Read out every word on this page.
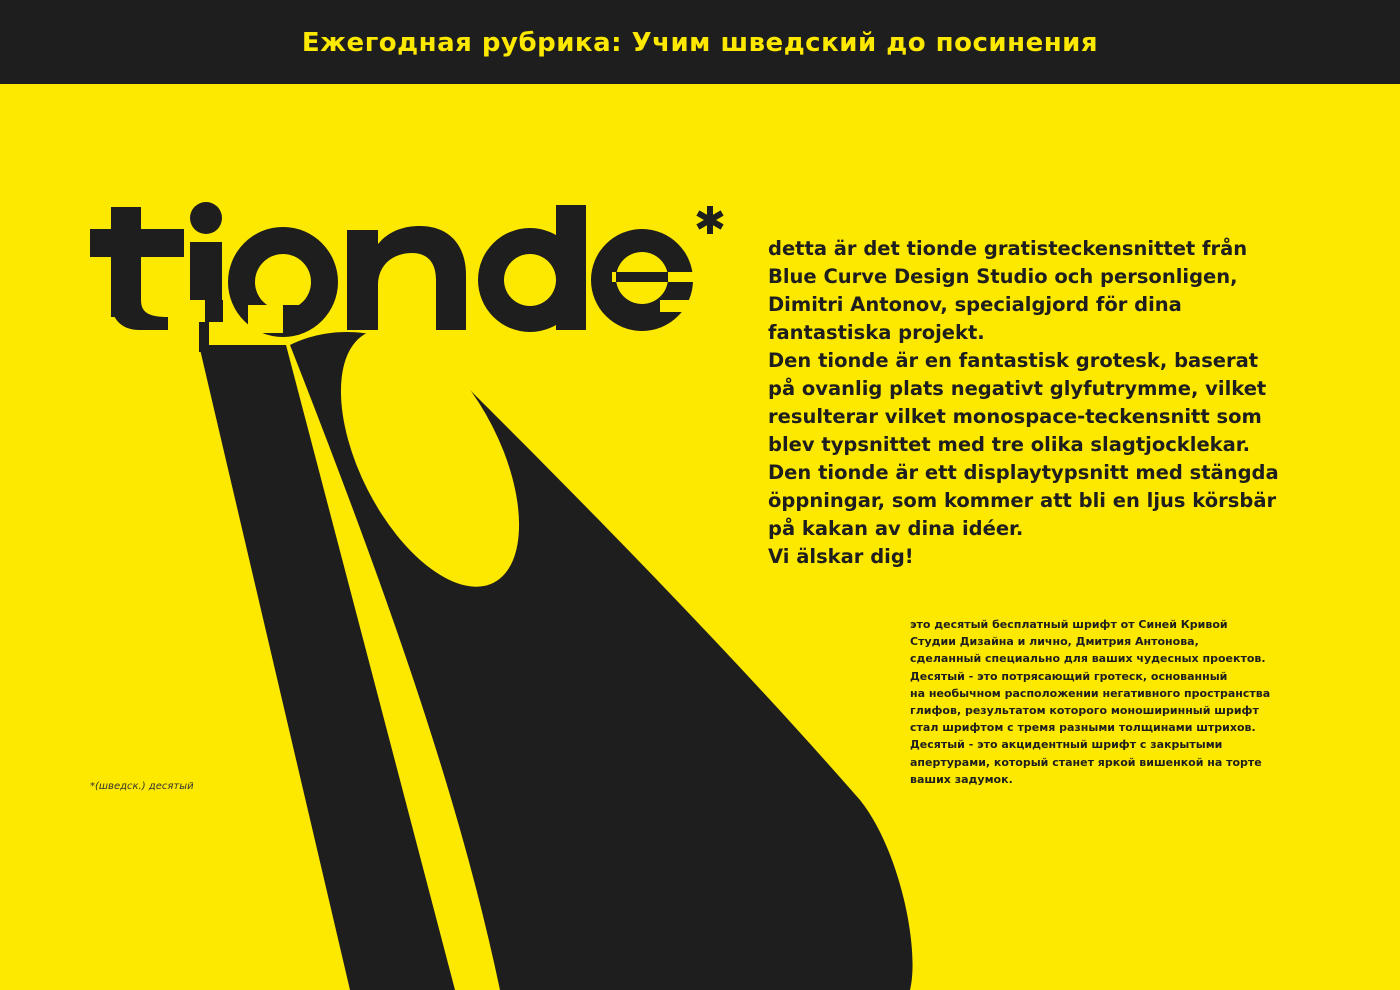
Ежегодная рубрика: Учим шведский до посинения

detta är det tionde gratisteckensnittet från
Blue Curve Design Studio och personligen,
Dimitri Antonov, specialgjord för dina
fantastiska projekt.
Den tionde är en fantastisk grotesk, baserat
på ovanlig plats negativt glyfutrymme, vilket
resulterar vilket monospace-teckensnitt som
blev typsnittet med tre olika slagtjocklekar.
Den tionde är ett displaytypsnitt med stängda
öppningar, som kommer att bli en ljus körsbär
på kakan av dina idéer.
Vi älskar dig!

это десятый бесплатный шрифт от Синей Кривой
Студии Дизайна и лично, Дмитрия Антонова,
сделанный специально для ваших чудесных проектов.
Десятый - это потрясающий гротеск, основанный
на необычном расположении негативного пространства
глифов, результатом которого моноширинный шрифт
стал шрифтом с тремя разными толщинами штрихов.
Десятый - это акцидентный шрифт с закрытыми
апертурами, который станет яркой вишенкой на торте
ваших задумок.

*(шведск.) десятый
